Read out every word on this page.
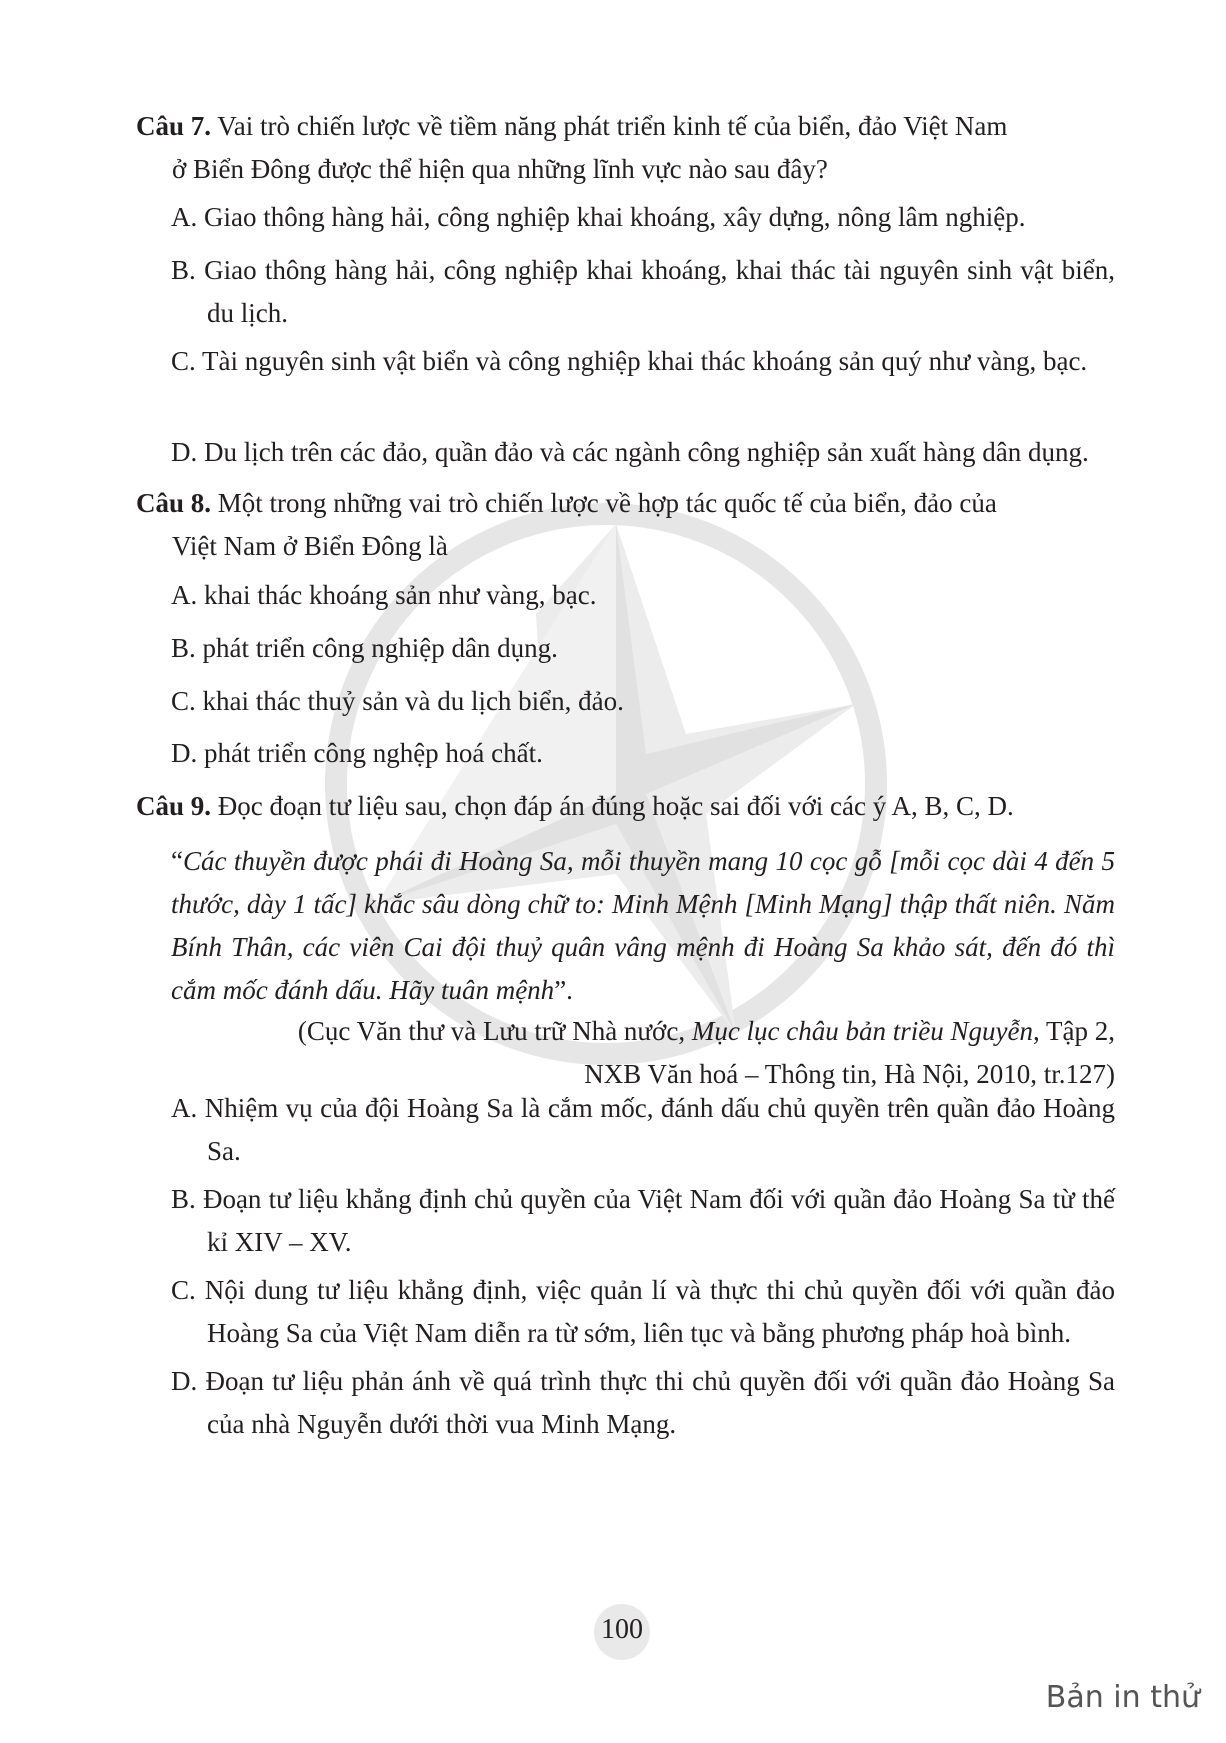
Câu 7. Vai trò chiến lược về tiềm năng phát triển kinh tế của biển, đảo Việt Nam
ở Biển Đông được thể hiện qua những lĩnh vực nào sau đây?
A. Giao thông hàng hải, công nghiệp khai khoáng, xây dựng, nông lâm nghiệp.
B. Giao thông hàng hải, công nghiệp khai khoáng, khai thác tài nguyên sinh vật biển, du lịch.
C. Tài nguyên sinh vật biển và công nghiệp khai thác khoáng sản quý như vàng, bạc.
D. Du lịch trên các đảo, quần đảo và các ngành công nghiệp sản xuất hàng dân dụng.
Câu 8. Một trong những vai trò chiến lược về hợp tác quốc tế của biển, đảo của
Việt Nam ở Biển Đông là
A. khai thác khoáng sản như vàng, bạc.
B. phát triển công nghiệp dân dụng.
C. khai thác thuỷ sản và du lịch biển, đảo.
D. phát triển công nghệp hoá chất.
Câu 9. Đọc đoạn tư liệu sau, chọn đáp án đúng hoặc sai đối với các ý A, B, C, D.
“Các thuyền được phái đi Hoàng Sa, mỗi thuyền mang 10 cọc gỗ [mỗi cọc dài 4 đến 5 thước, dày 1 tấc] khắc sâu dòng chữ to: Minh Mệnh [Minh Mạng] thập thất niên. Năm Bính Thân, các viên Cai đội thuỷ quân vâng mệnh đi Hoàng Sa khảo sát, đến đó thì cắm mốc đánh dấu. Hãy tuân mệnh”.
(Cục Văn thư và Lưu trữ Nhà nước, Mục lục châu bản triều Nguyễn, Tập 2,
NXB Văn hoá – Thông tin, Hà Nội, 2010, tr.127)
A. Nhiệm vụ của đội Hoàng Sa là cắm mốc, đánh dấu chủ quyền trên quần đảo Hoàng Sa.
B. Đoạn tư liệu khẳng định chủ quyền của Việt Nam đối với quần đảo Hoàng Sa từ thế kỉ XIV – XV.
C. Nội dung tư liệu khẳng định, việc quản lí và thực thi chủ quyền đối với quần đảo Hoàng Sa của Việt Nam diễn ra từ sớm, liên tục và bằng phương pháp hoà bình.
D. Đoạn tư liệu phản ánh về quá trình thực thi chủ quyền đối với quần đảo Hoàng Sa của nhà Nguyễn dưới thời vua Minh Mạng.
100
Bản in thử
